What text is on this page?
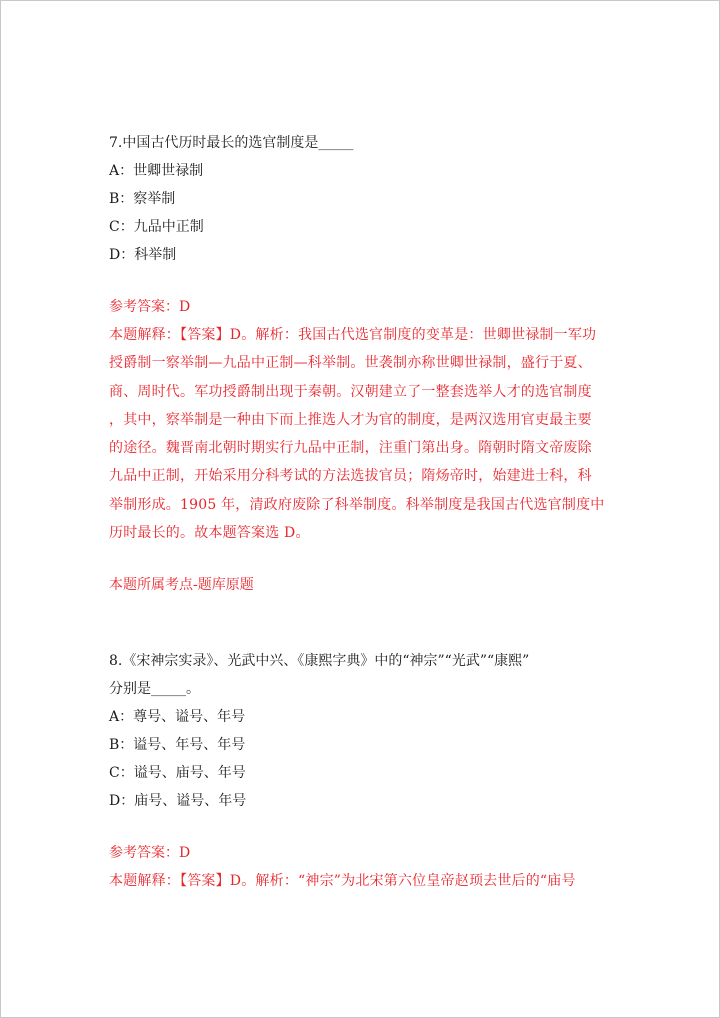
7.中国古代历时最长的选官制度是_____
A：世卿世禄制
B：察举制
C：九品中正制
D：科举制
参考答案：D
本题解释：【答案】D。解析：我国古代选官制度的变革是：世卿世禄制一军功
授爵制一察举制—九品中正制—科举制。世袭制亦称世卿世禄制，盛行于夏、
商、周时代。军功授爵制出现于秦朝。汉朝建立了一整套选举人才的选官制度
，其中，察举制是一种由下而上推选人才为官的制度，是两汉选用官吏最主要
的途径。魏晋南北朝时期实行九品中正制，注重门第出身。隋朝时隋文帝废除
九品中正制，开始采用分科考试的方法选拔官员；隋炀帝时，始建进士科，科
举制形成。1905 年，清政府废除了科举制度。科举制度是我国古代选官制度中
历时最长的。故本题答案选 D。
本题所属考点-题库原题
8.《宋神宗实录》、光武中兴、《康熙字典》中的“神宗”“光武”“康熙”
分别是_____。
A：尊号、谥号、年号
B：谥号、年号、年号
C：谥号、庙号、年号
D：庙号、谥号、年号
参考答案：D
本题解释：【答案】D。解析：“神宗”为北宋第六位皇帝赵顼去世后的“庙号
